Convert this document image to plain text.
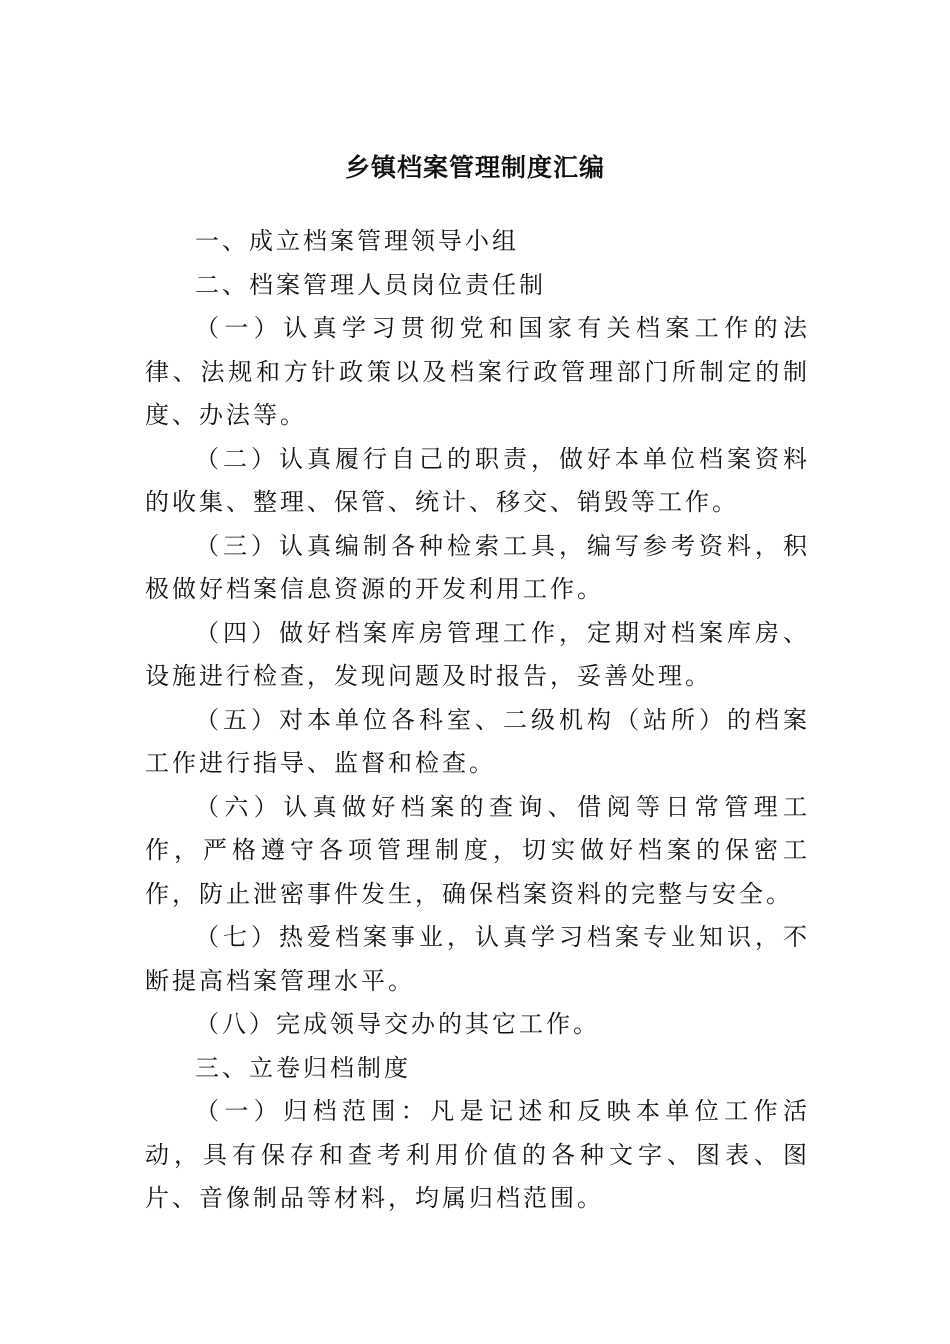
乡镇档案管理制度汇编

一、成立档案管理领导小组

二、档案管理人员岗位责任制

（一）认真学习贯彻党和国家有关档案工作的法律、法规和方针政策以及档案行政管理部门所制定的制度、办法等。

（二）认真履行自己的职责，做好本单位档案资料的收集、整理、保管、统计、移交、销毁等工作。

（三）认真编制各种检索工具，编写参考资料，积极做好档案信息资源的开发利用工作。

（四）做好档案库房管理工作，定期对档案库房、设施进行检查，发现问题及时报告，妥善处理。

（五）对本单位各科室、二级机构（站所）的档案工作进行指导、监督和检查。

（六）认真做好档案的查询、借阅等日常管理工作，严格遵守各项管理制度，切实做好档案的保密工作，防止泄密事件发生，确保档案资料的完整与安全。

（七）热爱档案事业，认真学习档案专业知识，不断提高档案管理水平。

（八）完成领导交办的其它工作。

三、立卷归档制度

（一）归档范围：凡是记述和反映本单位工作活动，具有保存和查考利用价值的各种文字、图表、图片、音像制品等材料，均属归档范围。
